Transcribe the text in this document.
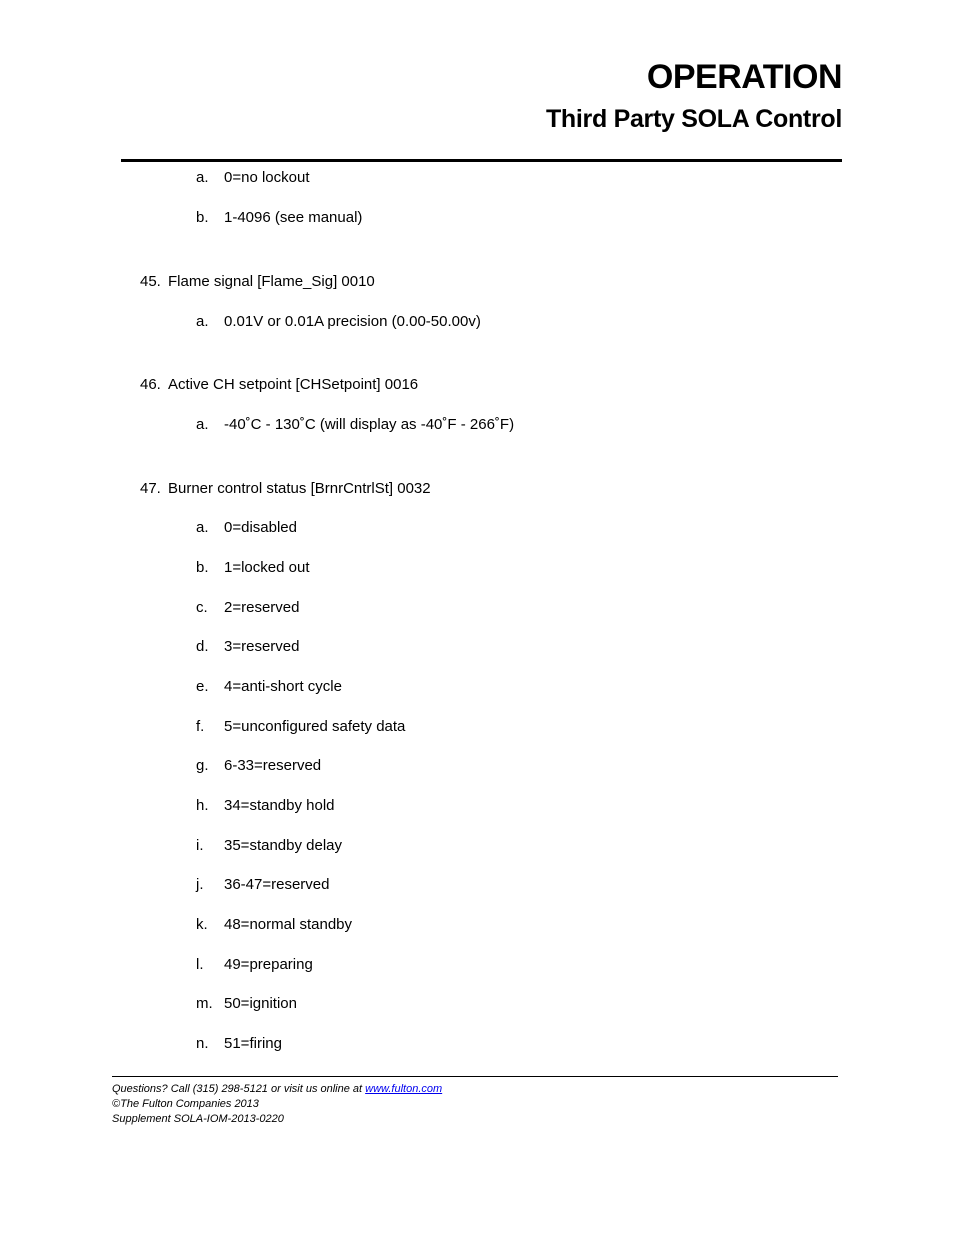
OPERATION
Third Party SOLA Control
a. 0=no lockout
b. 1-4096 (see manual)
45. Flame signal [Flame_Sig] 0010
a. 0.01V or 0.01A precision (0.00-50.00v)
46. Active CH setpoint [CHSetpoint] 0016
a. -40˚C - 130˚C (will display as -40˚F - 266˚F)
47. Burner control status [BrnrCntrlSt] 0032
a. 0=disabled
b. 1=locked out
c. 2=reserved
d. 3=reserved
e. 4=anti-short cycle
f. 5=unconfigured safety data
g. 6-33=reserved
h. 34=standby hold
i. 35=standby delay
j. 36-47=reserved
k. 48=normal standby
l. 49=preparing
m. 50=ignition
n. 51=firing
Questions? Call (315) 298-5121 or visit us online at www.fulton.com
©The Fulton Companies 2013
Supplement SOLA-IOM-2013-0220
